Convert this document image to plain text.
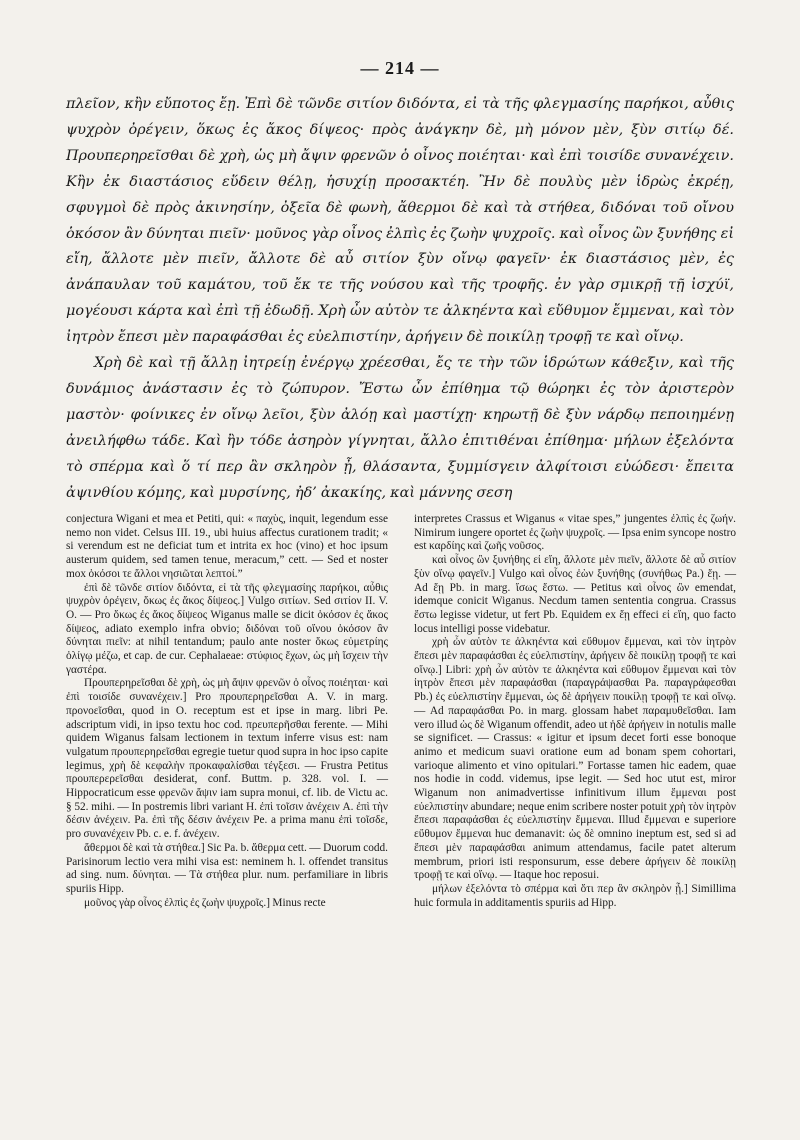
— 214 —

πλεῖον, κἢν εὔποτος ἔῃ. Ἐπὶ δὲ τῶνδε σιτίον διδόντα, εἰ τὰ τῆς φλεγμασίης παρήκοι, αὖθις ψυχρὸν ὀρέγειν, ὅκως ἐς ἄκος δίψεος· πρὸς ἀνάγκην δὲ, μὴ μόνον μὲν, ξὺν σιτίῳ δέ. Προυπερηρεῖσθαι δὲ χρὴ, ὡς μὴ ἄψιν φρενῶν ὁ οἶνος ποιέηται· καὶ ἐπὶ τοισίδε συνανέχειν. Κἢν ἐκ διαστάσιος εὕδειν θέλῃ, ἡσυχίῃ προσακτέη. Ἢν δὲ πουλὺς μὲν ἱδρὼς ἐκρέῃ, σφυγμοὶ δὲ πρὸς ἀκινησίην, ὀξεῖα δὲ φωνὴ, ἄθερμοι δὲ καὶ τὰ στήθεα, διδόναι τοῦ οἴνου ὁκόσον ἂν δύνηται πιεῖν· μοῦνος γὰρ οἶνος ἐλπὶς ἐς ζωὴν ψυχροῖς. καὶ οἶνος ὢν ξυνήθης εἰ εἴη, ἄλλοτε μὲν πιεῖν, ἄλλοτε δὲ αὖ σιτίον ξὺν οἴνῳ φαγεῖν· ἐκ διαστάσιος μὲν, ἐς ἀνάπαυλαν τοῦ καμάτου, τοῦ ἔκ τε τῆς νούσου καὶ τῆς τροφῆς. ἐν γὰρ σμικρῇ τῇ ἰσχύϊ, μογέουσι κάρτα καὶ ἐπὶ τῇ ἐδωδῇ. Χρὴ ὦν αὐτὸν τε ἀλκηέντα καὶ εὔθυμον ἔμμεναι, καὶ τὸν ἰητρὸν ἔπεσι μὲν παραφάσθαι ἐς εὐελπιστίην, ἀρήγειν δὲ ποικίλῃ τροφῇ τε καὶ οἴνῳ.

Χρὴ δὲ καὶ τῇ ἄλλῃ ἰητρείῃ ἐνέργῳ χρέεσθαι, ἔς τε τὴν τῶν ἱδρώτων κάθεξιν, καὶ τῆς δυνάμιος ἀνάστασιν ἐς τὸ ζώπυρον. Ἔστω ὦν ἐπίθημα τῷ θώρηκι ἐς τὸν ἀριστερὸν μαστὸν· φοίνικες ἐν οἴνῳ λεῖοι, ξὺν ἀλόῃ καὶ μαστίχῃ· κηρωτῇ δὲ ξὺν νάρδῳ πεποιημένῃ ἀνειλήφθω τάδε. Καὶ ἢν τόδε ἀσηρὸν γίγνηται, ἄλλο ἐπιτιθέναι ἐπίθημα· μήλων ἐξελόντα τὸ σπέρμα καὶ ὅ τί περ ἂν σκληρὸν ᾖ, θλάσαντα, ξυμμίσγειν ἀλφίτοισι εὐώδεσι· ἔπειτα ἀψινθίου κόμης, καὶ μυρσίνης, ἠδ’ ἀκακίης, καὶ μάννης σεση

conjectura Wigani et mea et Petiti, qui: « παχὺς, inquit, legendum esse nemo non videt. Celsus III. 19., ubi huius affectus curationem tradit; « si verendum est ne deficiat tum et intrita ex hoc (vino) et hoc ipsum austerum quidem, sed tamen tenue, meracum,” cett. — Sed et noster mox ὁκόσοι τε ἄλλοι νησιῶται λεπτοί.”

ἐπὶ δὲ τῶνδε σιτίον διδόντα, εἰ τὰ τῆς φλεγμασίης παρήκοι, αὖθις ψυχρὸν ὀρέγειν, ὅκως ἐς ἄκος δίψεος.] Vulgo σιτίων. Sed σιτίον II. V. O. — Pro ὅκως ἐς ἄκος δίψεος Wiganus malle se dicit ὁκόσον ἐς ἄκος δίψεος, adiato exemplo infra obvio; διδόναι τοῦ οἴνου ὁκόσον ἂν δύνηται πιεῖν: at nihil tentandum; paulo ante noster ὅκως εὐμετρίης ὀλίγῳ μέζω, et cap. de cur. Cephalaeae: στύφιος ἔχων, ὡς μὴ ἴσχειν τὴν γαστέρα.

Προυπερηρεῖσθαι δὲ χρὴ, ὡς μὴ ἄψιν φρενῶν ὁ οἶνος ποιέηται· καὶ ἐπὶ τοισίδε συνανέχειν.] Pro προυπερηρεῖσθαι A. V. in marg. προνοεῖσθαι, quod in O. receptum est et ipse in marg. libri Pe. adscriptum vidi, in ipso textu hoc cod. πρευπερῆσθαι ferente. — Mihi quidem Wiganus falsam lectionem in textum inferre visus est: nam vulgatum προυπερηρεῖσθαι egregie tuetur quod supra in hoc ipso capite legimus, χρὴ δὲ κεφαλὴν προκαφαλίσθαι τέγξεσι. — Frustra Petitus προυπερερεῖσθαι desiderat, conf. Buttm. p. 328. vol. I. — Hippocraticum esse φρενῶν ἄψιν iam supra monui, cf. lib. de Victu ac. § 52. mihi. — In postremis libri variant H. ἐπὶ τοῖσιν ἀνέχειν A. ἐπὶ τὴν δέσιν ἀνέχειν. Pa. ἐπὶ τῆς δέσιν ἀνέχειν Pe. a prima manu ἐπὶ τοῖσδε, pro συνανέχειν Pb. c. e. f. ἀνέχειν.

ἄθερμοι δὲ καὶ τὰ στήθεα.] Sic Pa. b. ἄθερμα cett. — Duorum codd. Parisinorum lectio vera mihi visa est: neminem h. l. offendet transitus ad sing. num. δύνηται. — Τὰ στήθεα plur. num. perfamiliare in libris spuriis Hipp.

μοῦνος γὰρ οἶνος ἐλπὶς ἐς ζωὴν ψυχροῖς.] Minus recte

interpretes Crassus et Wiganus « vitae spes,” jungentes ἐλπὶς ἐς ζωήν. Nimirum iungere oportet ἐς ζωὴν ψυχροῖς. — Ipsa enim syncope nostro est καρδίης καὶ ζωῆς νοῦσος.

καὶ οἶνος ὢν ξυνήθης εἰ εἴη, ἄλλοτε μὲν πιεῖν, ἄλλοτε δὲ αὖ σιτίον ξὺν οἴνῳ φαγεῖν.] Vulgo καὶ οἶνος ἐὼν ξυνήθης (συνήθως Pa.) ἔῃ. — Ad ἔῃ Pb. in marg. ἴσως ἔστω. — Petitus καὶ οἶνος ὢν emendat, idemque conicit Wiganus. Necdum tamen sententia congrua. Crassus ἔστω legisse videtur, ut fert Pb. Equidem ex ἔῃ effeci εἰ εἴη, quo facto locus intelligi posse videbatur.

χρὴ ὦν αὐτὸν τε ἀλκηέντα καὶ εὔθυμον ἔμμεναι, καὶ τὸν ἰητρὸν ἔπεσι μὲν παραφάσθαι ἐς εὐελπιστίην, ἀρήγειν δὲ ποικίλῃ τροφῇ τε καὶ οἴνῳ.] Libri: χρὴ ὦν αὐτὸν τε ἀλκηέντα καὶ εὔθυμον ἔμμεναι καὶ τὸν ἰητρὸν ἔπεσι μὲν παραφάσθαι (παραγράψασθαι Pa. παραγράφεσθαι Pb.) ἐς εὐελπιστίην ἔμμεναι, ὡς δὲ ἀρήγειν ποικίλῃ τροφῇ τε καὶ οἴνῳ. — Ad παραφάσθαι Po. in marg. glossam habet παραμυθεῖσθαι. Iam vero illud ὡς δὲ Wiganum offendit, adeo ut ἠδὲ ἀρήγειν in notulis malle se significet. — Crassus: « igitur et ipsum decet forti esse bonoque animo et medicum suavi oratione eum ad bonam spem cohortari, varioque alimento et vino opitulari.” Fortasse tamen hic eadem, quae nos hodie in codd. videmus, ipse legit. — Sed hoc utut est, miror Wiganum non animadvertisse infinitivum illum ἔμμεναι post εὐελπιστίην abundare; neque enim scribere noster potuit χρὴ τὸν ἰητρὸν ἔπεσι παραφάσθαι ἐς εὐελπιστίην ἔμμεναι. Illud ἔμμεναι e superiore εὔθυμον ἔμμεναι huc demanavit: ὡς δὲ omnino ineptum est, sed si ad ἔπεσι μὲν παραφάσθαι animum attendamus, facile patet alterum membrum, priori isti responsurum, esse debere ἀρήγειν δὲ ποικίλῃ τροφῇ τε καὶ οἴνῳ. — Itaque hoc reposui.

μήλων ἐξελόντα τὸ σπέρμα καὶ ὅτι περ ἂν σκληρὸν ᾖ.] Simillima huic formula in additamentis spuriis ad Hipp.
